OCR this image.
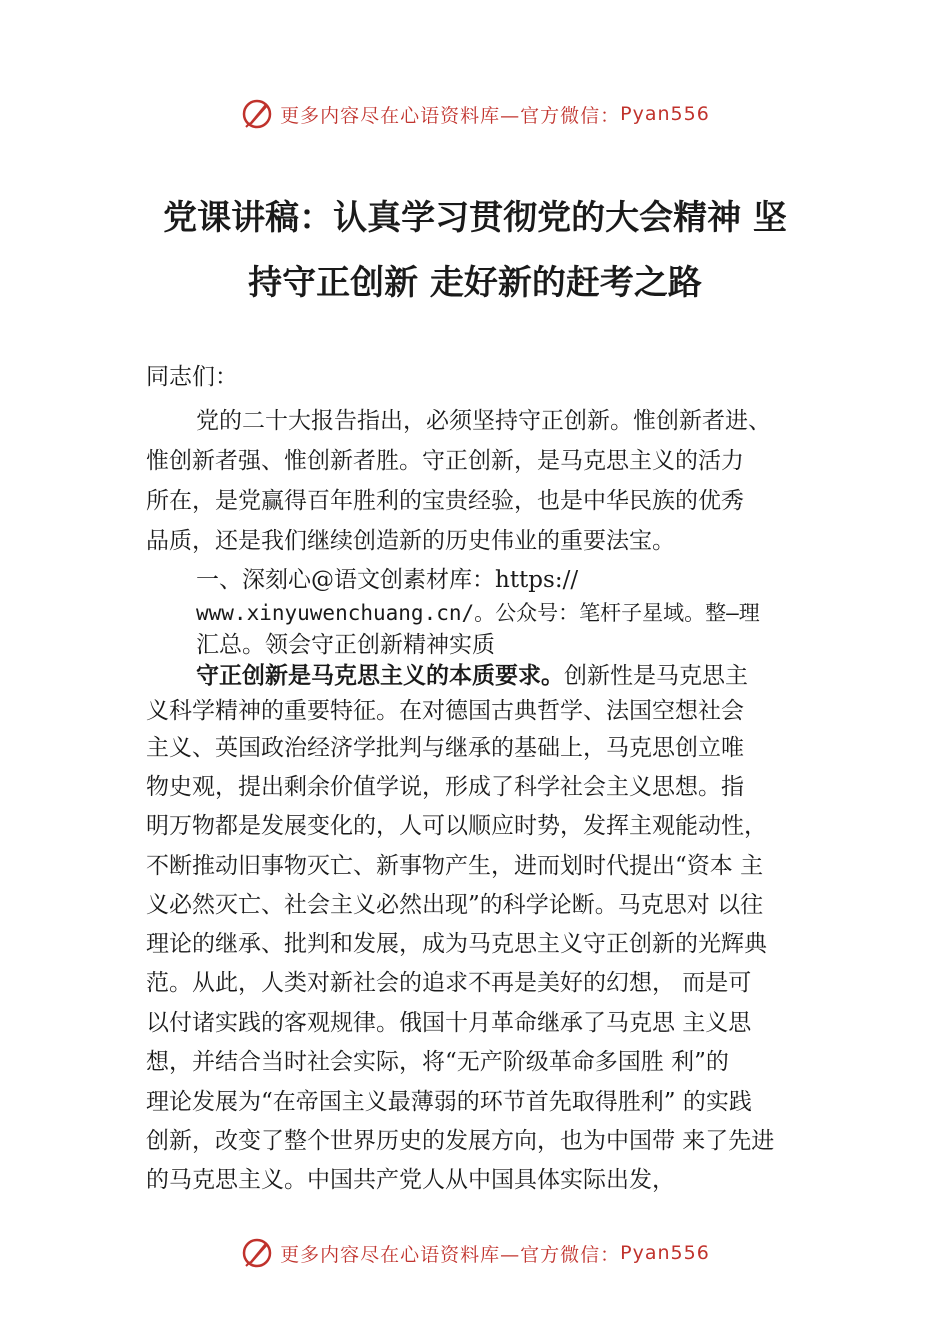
更多内容尽在心语资料库—官方微信： Pyan556
党课讲稿：认真学习贯彻党的大会精神 坚
持守正创新 走好新的赶考之路
同志们：
党的二十大报告指出，必须坚持守正创新。惟创新者进、
惟创新者强、惟创新者胜。守正创新，是马克思主义的活力
所在，是党赢得百年胜利的宝贵经验，也是中华民族的优秀
品质，还是我们继续创造新的历史伟业的重要法宝。
一、深刻心@语文创素材库：https://
www.xinyuwenchuang.cn/。公众号：笔杆子星域。整—理
汇总。领会守正创新精神实质
守正创新是马克思主义的本质要求。创新性是马克思主
义科学精神的重要特征。在对德国古典哲学、法国空想社会
主义、英国政治经济学批判与继承的基础上，马克思创立唯
物史观，提出剩余价值学说，形成了科学社会主义思想。指
明万物都是发展变化的，人可以顺应时势，发挥主观能动性，
不断推动旧事物灭亡、新事物产生，进而划时代提出“资本 主
义必然灭亡、社会主义必然出现”的科学论断。马克思对 以往
理论的继承、批判和发展，成为马克思主义守正创新的光辉典
范。从此，人类对新社会的追求不再是美好的幻想， 而是可
以付诸实践的客观规律。俄国十月革命继承了马克思 主义思
想，并结合当时社会实际，将“无产阶级革命多国胜 利”的
理论发展为“在帝国主义最薄弱的环节首先取得胜利” 的实践
创新，改变了整个世界历史的发展方向，也为中国带 来了先进
的马克思主义。中国共产党人从中国具体实际出发，
更多内容尽在心语资料库—官方微信： Pyan556
